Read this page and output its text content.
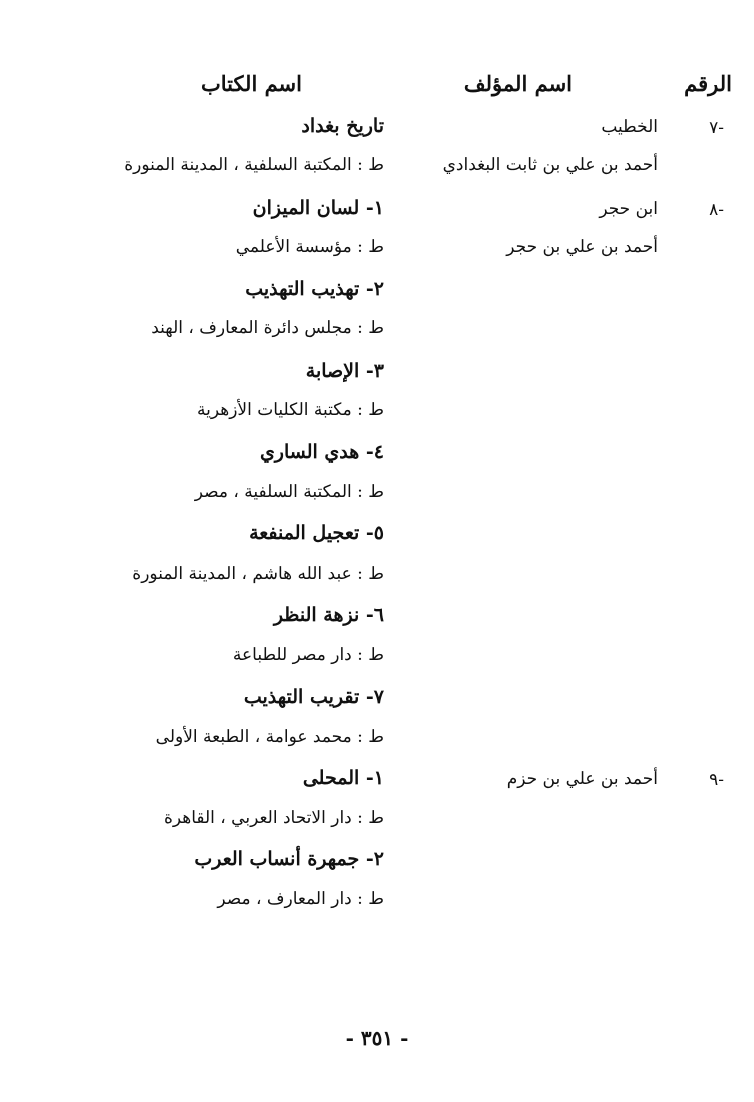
الرقم
اسم المؤلف
اسم الكتاب
-٧
الخطيب
أحمد بن علي بن ثابت البغدادي
تاريخ بغداد
ط : المكتبة السلفية ، المدينة المنورة
-٨
ابن حجر
أحمد بن علي بن حجر
١- لسان الميزان
ط : مؤسسة الأعلمي
٢- تهذيب التهذيب
ط : مجلس دائرة المعارف ، الهند
٣- الإصابة
ط : مكتبة الكليات الأزهرية
٤- هدي الساري
ط : المكتبة السلفية ، مصر
٥- تعجيل المنفعة
ط : عبد الله هاشم ، المدينة المنورة
٦- نزهة النظر
ط : دار مصر للطباعة
٧- تقريب التهذيب
ط : محمد عوامة ، الطبعة الأولى
-٩
أحمد بن علي بن حزم
١- المحلى
ط : دار الاتحاد العربي ، القاهرة
٢- جمهرة أنساب العرب
ط : دار المعارف ، مصر
- ٣٥١ -
